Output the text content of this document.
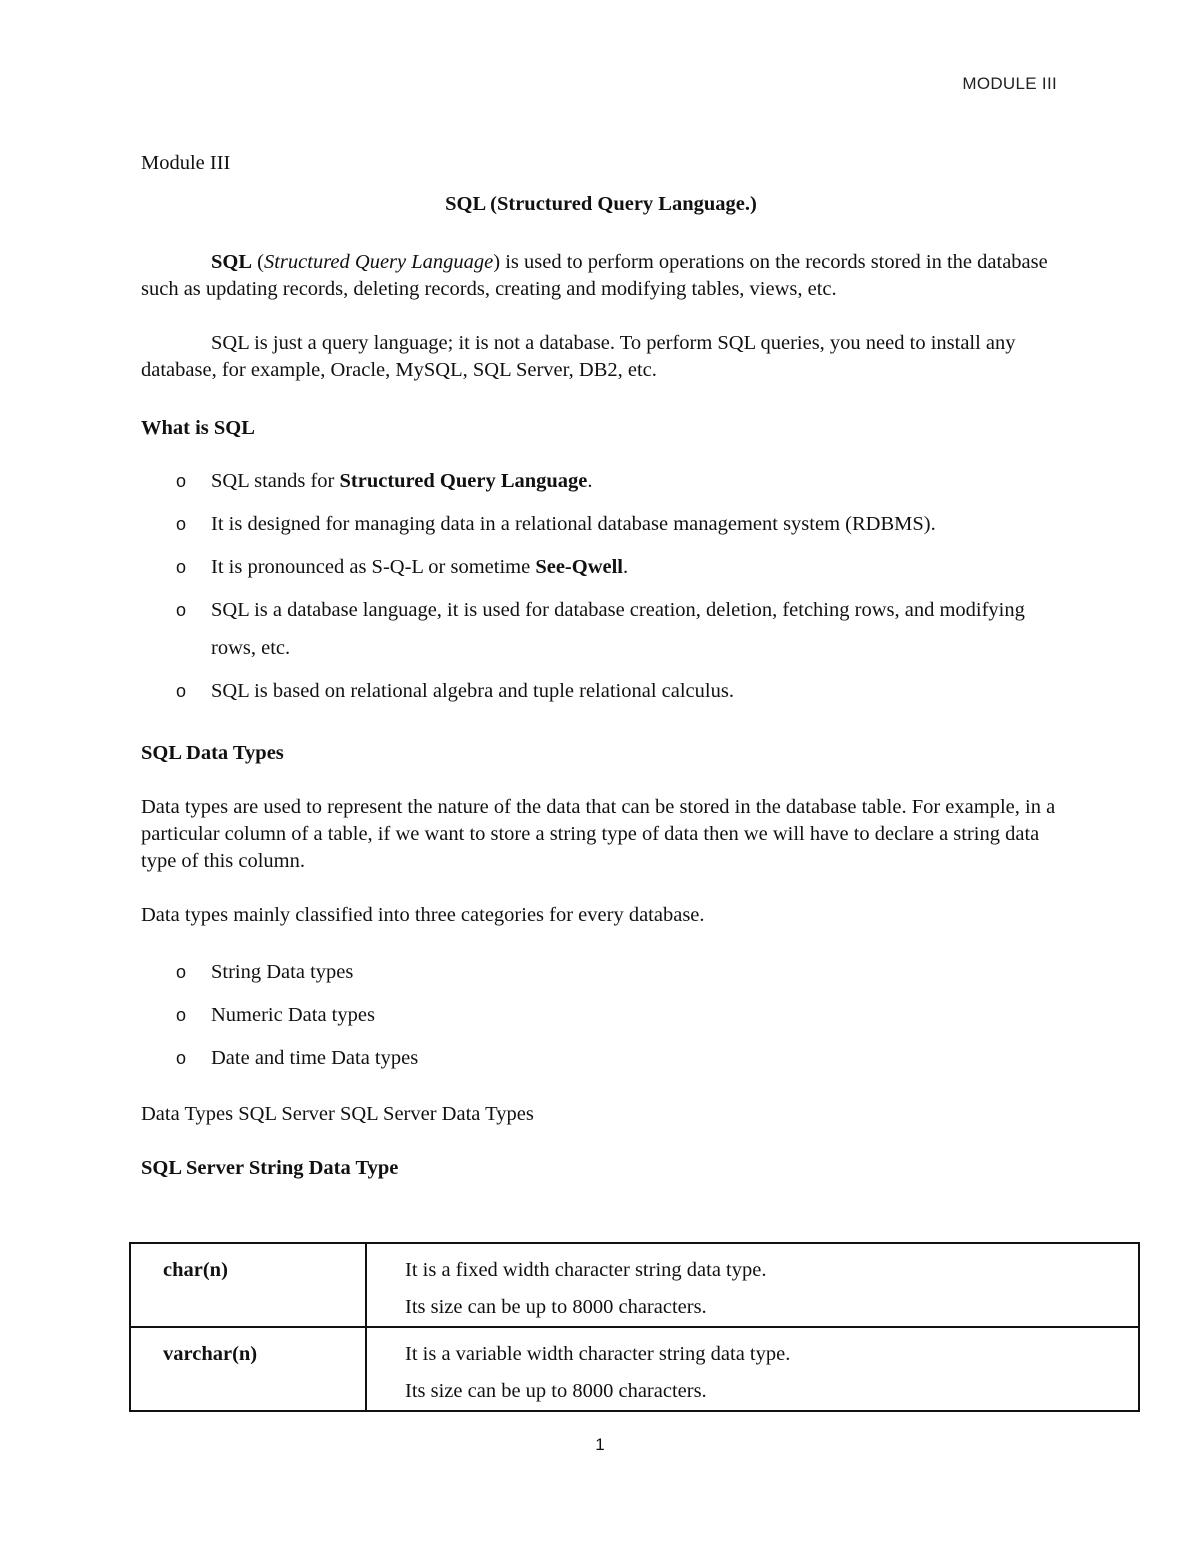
MODULE III

Module III

SQL (Structured Query Language.)

SQL (Structured Query Language) is used to perform operations on the records stored in the database such as updating records, deleting records, creating and modifying tables, views, etc.

SQL is just a query language; it is not a database. To perform SQL queries, you need to install any database, for example, Oracle, MySQL, SQL Server, DB2, etc.

What is SQL

o SQL stands for Structured Query Language.
o It is designed for managing data in a relational database management system (RDBMS).
o It is pronounced as S-Q-L or sometime See-Qwell.
o SQL is a database language, it is used for database creation, deletion, fetching rows, and modifying rows, etc.
o SQL is based on relational algebra and tuple relational calculus.

SQL Data Types

Data types are used to represent the nature of the data that can be stored in the database table. For example, in a particular column of a table, if we want to store a string type of data then we will have to declare a string data type of this column.

Data types mainly classified into three categories for every database.

o String Data types
o Numeric Data types
o Date and time Data types

Data Types SQL Server SQL Server Data Types

SQL Server String Data Type

char(n)	It is a fixed width character string data type.
Its size can be up to 8000 characters.

varchar(n)	It is a variable width character string data type.
Its size can be up to 8000 characters.
1
